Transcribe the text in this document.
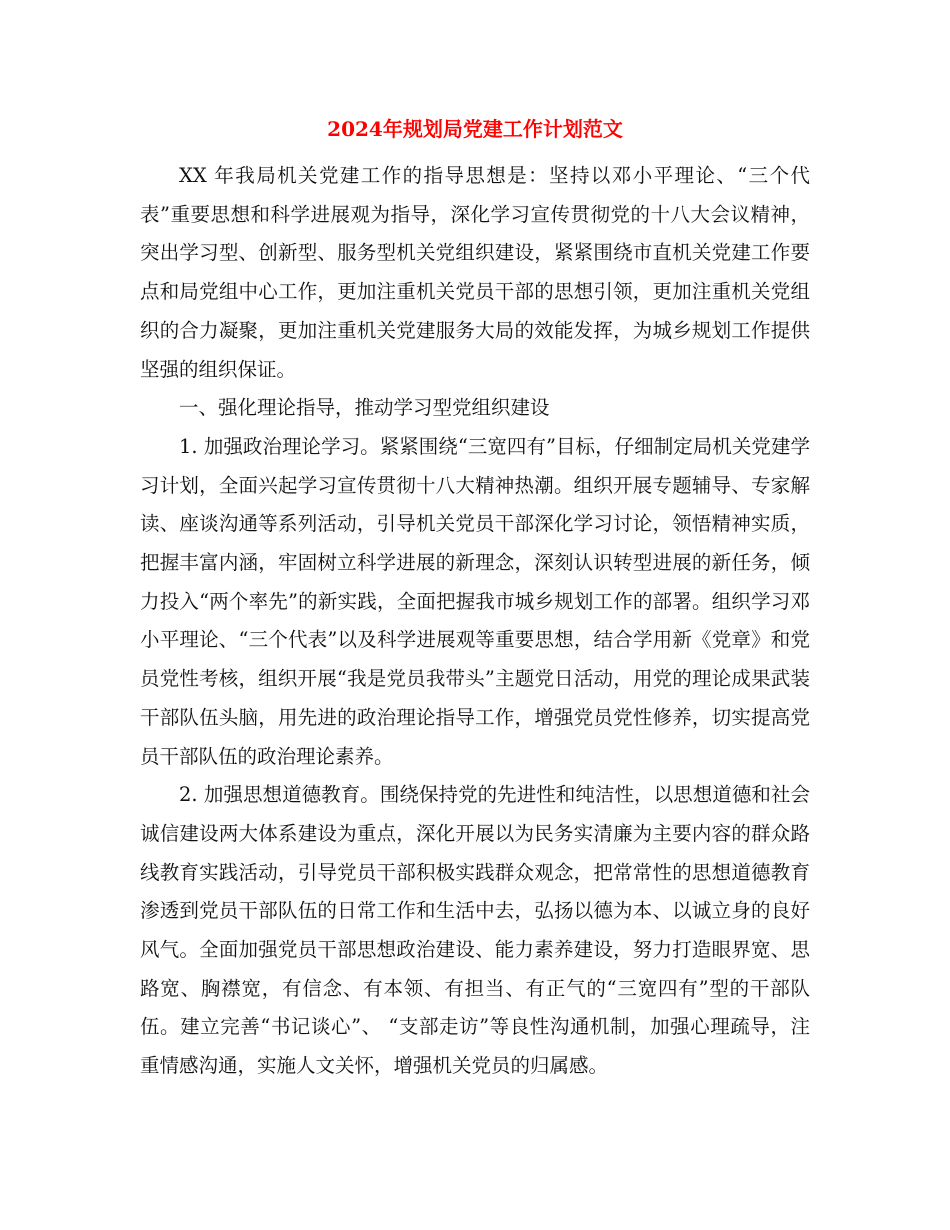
2024年规划局党建工作计划范文

XX 年我局机关党建工作的指导思想是：坚持以邓小平理论、“三个代表”重要思想和科学进展观为指导，深化学习宣传贯彻党的十八大会议精神，突出学习型、创新型、服务型机关党组织建设，紧紧围绕市直机关党建工作要点和局党组中心工作，更加注重机关党员干部的思想引领，更加注重机关党组织的合力凝聚，更加注重机关党建服务大局的效能发挥，为城乡规划工作提供坚强的组织保证。

一、强化理论指导，推动学习型党组织建设

1. 加强政治理论学习。紧紧围绕“三宽四有”目标，仔细制定局机关党建学习计划，全面兴起学习宣传贯彻十八大精神热潮。组织开展专题辅导、专家解读、座谈沟通等系列活动，引导机关党员干部深化学习讨论，领悟精神实质，把握丰富内涵，牢固树立科学进展的新理念，深刻认识转型进展的新任务，倾力投入“两个率先”的新实践，全面把握我市城乡规划工作的部署。组织学习邓小平理论、“三个代表”以及科学进展观等重要思想，结合学用新《党章》和党员党性考核，组织开展“我是党员我带头”主题党日活动，用党的理论成果武装干部队伍头脑，用先进的政治理论指导工作，增强党员党性修养，切实提高党员干部队伍的政治理论素养。

2. 加强思想道德教育。围绕保持党的先进性和纯洁性，以思想道德和社会诚信建设两大体系建设为重点，深化开展以为民务实清廉为主要内容的群众路线教育实践活动，引导党员干部积极实践群众观念，把常常性的思想道德教育渗透到党员干部队伍的日常工作和生活中去，弘扬以德为本、以诚立身的良好风气。全面加强党员干部思想政治建设、能力素养建设，努力打造眼界宽、思路宽、胸襟宽，有信念、有本领、有担当、有正气的“三宽四有”型的干部队伍。建立完善“书记谈心”、 “支部走访”等良性沟通机制，加强心理疏导，注重情感沟通，实施人文关怀，增强机关党员的归属感。
